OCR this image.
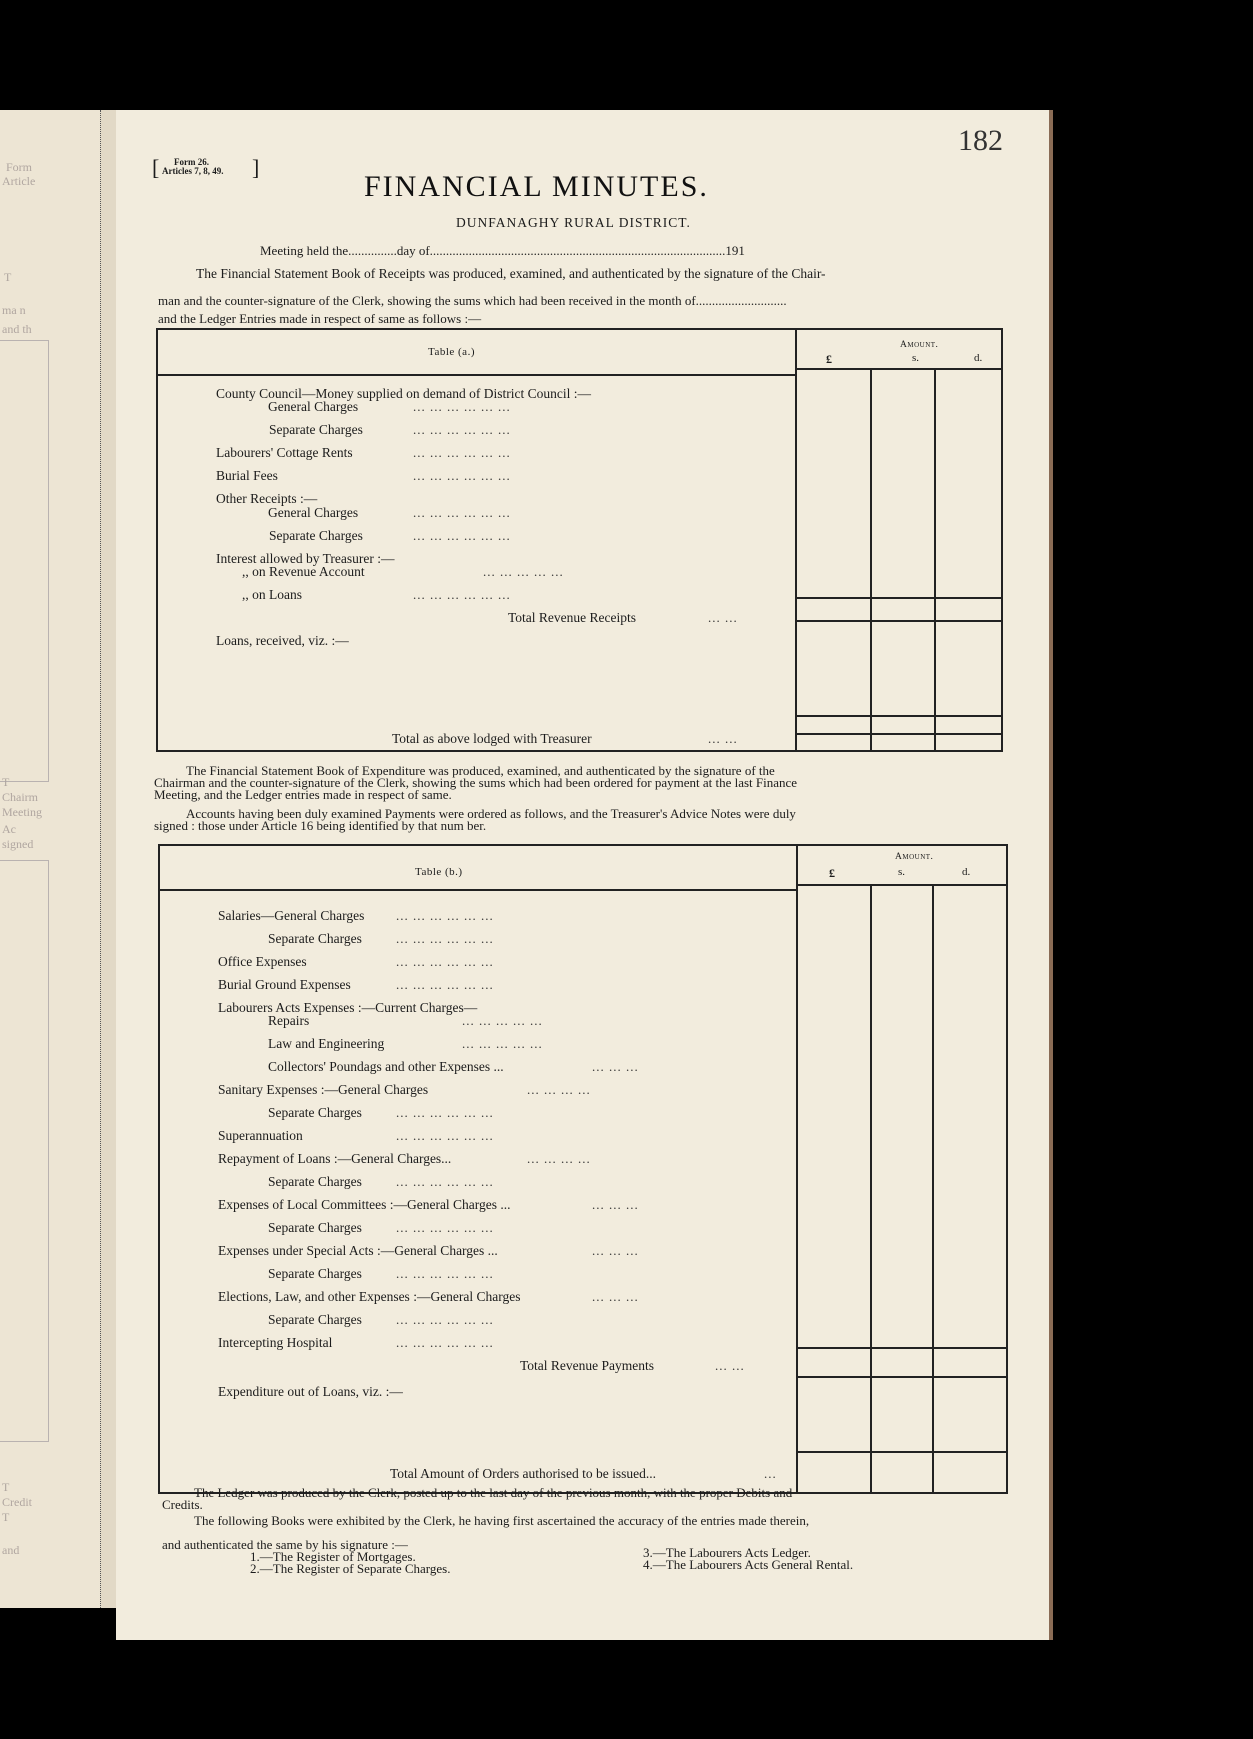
Form
Article
T
ma n
and th
T
Chairm
Meeting
Ac
signed
T
Credit
T
and
182
[	Form 26.
Articles 7, 8, 49. ]
FINANCIAL MINUTES.
DUNFANAGHY RURAL DISTRICT.
Meeting held the...............day of...........................................................................................191
The Financial Statement Book of Receipts was produced, examined, and authenticated by the signature of the Chair-
man and the counter-signature of the Clerk, showing the sums which had been received in the month of............................
and the Ledger Entries made in respect of same as follows :—
Table (a.)
Amount.
£	s.	d.
County Council—Money supplied on demand of District Council :—
General Charges	... ... ... ... ... ...
Separate Charges	... ... ... ... ... ...
Labourers' Cottage Rents	... ... ... ... ... ...
Burial Fees	... ... ... ... ... ...
Other Receipts :—
General Charges	... ... ... ... ... ...
Separate Charges	... ... ... ... ... ...
Interest allowed by Treasurer :—
,, on Revenue Account	... ... ... ... ...
,, on Loans	... ... ... ... ... ...
Total Revenue Receipts	... ...
Loans, received, viz. :—
Total as above lodged with Treasurer	... ...
The Financial Statement Book of Expenditure was produced, examined, and authenticated by the signature of the
Chairman and the counter-signature of the Clerk, showing the sums which had been ordered for payment at the last Finance
Meeting, and the Ledger entries made in respect of same.
Accounts having been duly examined Payments were ordered as follows, and the Treasurer's Advice Notes were duly
signed : those under Article 16 being identified by that num ber.
Table (b.)
Amount.
£	s.	d.
Salaries—General Charges ... ... ... ... ... ...
Separate Charges	... ... ... ... ... ...
Office Expenses	... ... ... ... ... ...
Burial Ground Expenses	... ... ... ... ... ...
Labourers Acts Expenses :—Current Charges—
Repairs	... ... ... ... ...
Law and Engineering	... ... ... ... ...
Collectors' Poundags and other Expenses ...	... ... ...
Sanitary Expenses :—General Charges	... ... ... ...
Separate Charges	... ... ... ... ... ...
Superannuation	... ... ... ... ... ...
Repayment of Loans :—General Charges...	... ... ... ...
Separate Charges	... ... ... ... ... ...
Expenses of Local Committees :—General Charges ...	... ... ...
Separate Charges	... ... ... ... ... ...
Expenses under Special Acts :—General Charges ...	... ... ...
Separate Charges	... ... ... ... ... ...
Elections, Law, and other Expenses :—General Charges	... ... ...
Separate Charges	... ... ... ... ... ...
Intercepting Hospital	... ... ... ... ... ...
Total Revenue Payments	... ...
Expenditure out of Loans, viz. :—
Total Amount of Orders authorised to be issued...	...
The Ledger was produced by the Clerk, posted up to the last day of the previous month, with the proper Debits and
Credits.
The following Books were exhibited by the Clerk, he having first ascertained the accuracy of the entries made therein,
and authenticated the same by his signature :—
1.—The Register of Mortgages.
2.—The Register of Separate Charges.
3.—The Labourers Acts Ledger.
4.—The Labourers Acts General Rental.
